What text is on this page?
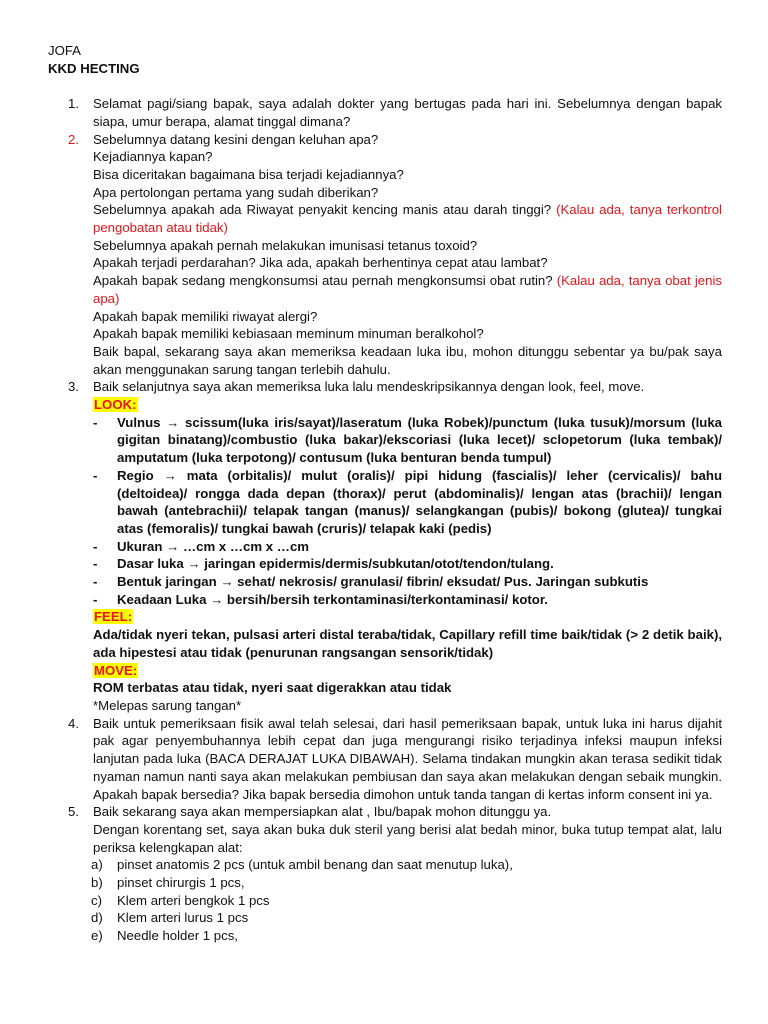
JOFA
KKD HECTING
1. Selamat pagi/siang bapak, saya adalah dokter yang bertugas pada hari ini. Sebelumnya dengan bapak siapa, umur berapa, alamat tinggal dimana?
2. Sebelumnya datang kesini dengan keluhan apa?
Kejadiannya kapan?
Bisa diceritakan bagaimana bisa terjadi kejadiannya?
Apa pertolongan pertama yang sudah diberikan?
Sebelumnya apakah ada Riwayat penyakit kencing manis atau darah tinggi? (Kalau ada, tanya terkontrol pengobatan atau tidak)
Sebelumnya apakah pernah melakukan imunisasi tetanus toxoid?
Apakah terjadi perdarahan? Jika ada, apakah berhentinya cepat atau lambat?
Apakah bapak sedang mengkonsumsi atau pernah mengkonsumsi obat rutin? (Kalau ada, tanya obat jenis apa)
Apakah bapak memiliki riwayat alergi?
Apakah bapak memiliki kebiasaan meminum minuman beralkohol?
Baik bapal, sekarang saya akan memeriksa keadaan luka ibu, mohon ditunggu sebentar ya bu/pak saya akan menggunakan sarung tangan terlebih dahulu.
3. Baik selanjutnya saya akan memeriksa luka lalu mendeskripsikannya dengan look, feel, move.
LOOK:
- Vulnus → scissum(luka iris/sayat)/laseratum (luka Robek)/punctum (luka tusuk)/morsum (luka gigitan binatang)/combustio (luka bakar)/ekscoriasi (luka lecet)/ sclopetorum (luka tembak)/ amputatum (luka terpotong)/ contusum (luka benturan benda tumpul)
- Regio → mata (orbitalis)/ mulut (oralis)/ pipi hidung (fascialis)/ leher (cervicalis)/ bahu (deltoidea)/ rongga dada depan (thorax)/ perut (abdominalis)/ lengan atas (brachii)/ lengan bawah (antebrachii)/ telapak tangan (manus)/ selangkangan (pubis)/ bokong (glutea)/ tungkai atas (femoralis)/ tungkai bawah (cruris)/ telapak kaki (pedis)
- Ukuran → …cm x …cm x …cm
- Dasar luka → jaringan epidermis/dermis/subkutan/otot/tendon/tulang.
- Bentuk jaringan → sehat/ nekrosis/ granulasi/ fibrin/ eksudat/ Pus. Jaringan subkutis
- Keadaan Luka → bersih/bersih terkontaminasi/terkontaminasi/ kotor.
FEEL:
Ada/tidak nyeri tekan, pulsasi arteri distal teraba/tidak, Capillary refill time baik/tidak (> 2 detik baik), ada hipestesi atau tidak (penurunan rangsangan sensorik/tidak)
MOVE:
ROM terbatas atau tidak, nyeri saat digerakkan atau tidak
*Melepas sarung tangan*
4. Baik untuk pemeriksaan fisik awal telah selesai, dari hasil pemeriksaan bapak, untuk luka ini harus dijahit pak agar penyembuhannya lebih cepat dan juga mengurangi risiko terjadinya infeksi maupun infeksi lanjutan pada luka (BACA DERAJAT LUKA DIBAWAH). Selama tindakan mungkin akan terasa sedikit tidak nyaman namun nanti saya akan melakukan pembiusan dan saya akan melakukan dengan sebaik mungkin. Apakah bapak bersedia? Jika bapak bersedia dimohon untuk tanda tangan di kertas inform consent ini ya.
5. Baik sekarang saya akan mempersiapkan alat , Ibu/bapak mohon ditunggu ya.
Dengan korentang set, saya akan buka duk steril yang berisi alat bedah minor, buka tutup tempat alat, lalu periksa kelengkapan alat:
a) pinset anatomis 2 pcs (untuk ambil benang dan saat menutup luka),
b) pinset chirurgis 1 pcs,
c) Klem arteri bengkok 1 pcs
d) Klem arteri lurus 1 pcs
e) Needle holder 1 pcs,
